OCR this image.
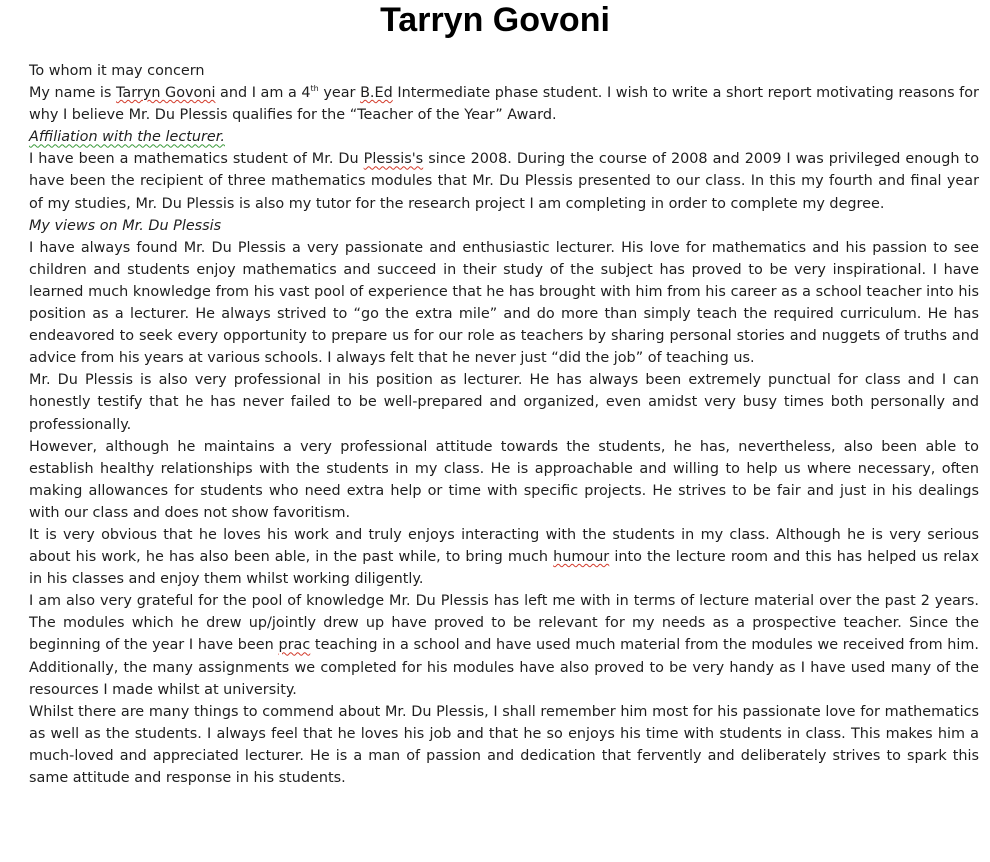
Tarryn Govoni

To whom it may concern

My name is Tarryn Govoni and I am a 4th year B.Ed Intermediate phase student. I wish to write a short report motivating reasons for why I believe Mr. Du Plessis qualifies for the “Teacher of the Year” Award.

Affiliation with the lecturer.

I have been a mathematics student of Mr. Du Plessis's since 2008. During the course of 2008 and 2009 I was privileged enough to have been the recipient of three mathematics modules that Mr. Du Plessis presented to our class. In this my fourth and final year of my studies, Mr. Du Plessis is also my tutor for the research project I am completing in order to complete my degree.

My views on Mr. Du Plessis

I have always found Mr. Du Plessis a very passionate and enthusiastic lecturer. His love for mathematics and his passion to see children and students enjoy mathematics and succeed in their study of the subject has proved to be very inspirational. I have learned much knowledge from his vast pool of experience that he has brought with him from his career as a school teacher into his position as a lecturer. He always strived to “go the extra mile” and do more than simply teach the required curriculum. He has endeavored to seek every opportunity to prepare us for our role as teachers by sharing personal stories and nuggets of truths and advice from his years at various schools. I always felt that he never just “did the job” of teaching us.

Mr. Du Plessis is also very professional in his position as lecturer. He has always been extremely punctual for class and I can honestly testify that he has never failed to be well-prepared and organized, even amidst very busy times both personally and professionally.

However, although he maintains a very professional attitude towards the students, he has, nevertheless, also been able to establish healthy relationships with the students in my class. He is approachable and willing to help us where necessary, often making allowances for students who need extra help or time with specific projects. He strives to be fair and just in his dealings with our class and does not show favoritism.

It is very obvious that he loves his work and truly enjoys interacting with the students in my class. Although he is very serious about his work, he has also been able, in the past while, to bring much humour into the lecture room and this has helped us relax in his classes and enjoy them whilst working diligently.

I am also very grateful for the pool of knowledge Mr. Du Plessis has left me with in terms of lecture material over the past 2 years. The modules which he drew up/jointly drew up have proved to be relevant for my needs as a prospective teacher. Since the beginning of the year I have been prac teaching in a school and have used much material from the modules we received from him. Additionally, the many assignments we completed for his modules have also proved to be very handy as I have used many of the resources I made whilst at university.

Whilst there are many things to commend about Mr. Du Plessis, I shall remember him most for his passionate love for mathematics as well as the students. I always feel that he loves his job and that he so enjoys his time with students in class. This makes him a much-loved and appreciated lecturer. He is a man of passion and dedication that fervently and deliberately strives to spark this same attitude and response in his students.
